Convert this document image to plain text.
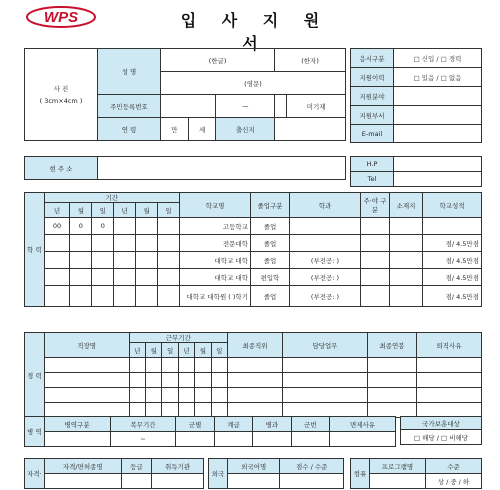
WPS	입 사 지 원 서
사 진
( 3cm×4cm )	성 명	(한글)			(한자)	
		(영문)				
	주민등록번호			—		미기재
	연 령	만	세	출신지		
응시구분	□ 신입 / □ 경력
지원이력	□ 있음 / □ 없음
지원분야	
지원부서	
E-mail	
현 주 소	
H.P	
Tel	
학 력	기간						학교명	졸업구분	학과	주·야 구분	소재지	학교성적
	년	월	일	년	월	일						
	00	0	0				고등학교	졸업				
							전문대학	졸업				점/ 4.5만점
							대학교 대학	졸업	(부전공: )			점/ 4.5만점
							대학교 대학	편입학	(부전공: )			점/ 4.5만점
							대학교 대학원 ( )학기	졸업	(부전공: )			점/ 4.5만점
경 력	직장명	근무기간						최종직위	담당업무	최종연봉	퇴직사유
		년	월	일	년	월	일				

병 역	병역구분	복무기간	군별	계급	병과	군번	면제사유
		~					
국가보훈대상
□ 해당 / □ 비해당
자격·	자격/면허종명	등급	취득기관

외국	외국어명	점수 / 수준

컴퓨	프로그램명	수준
		상 / 중 / 하
